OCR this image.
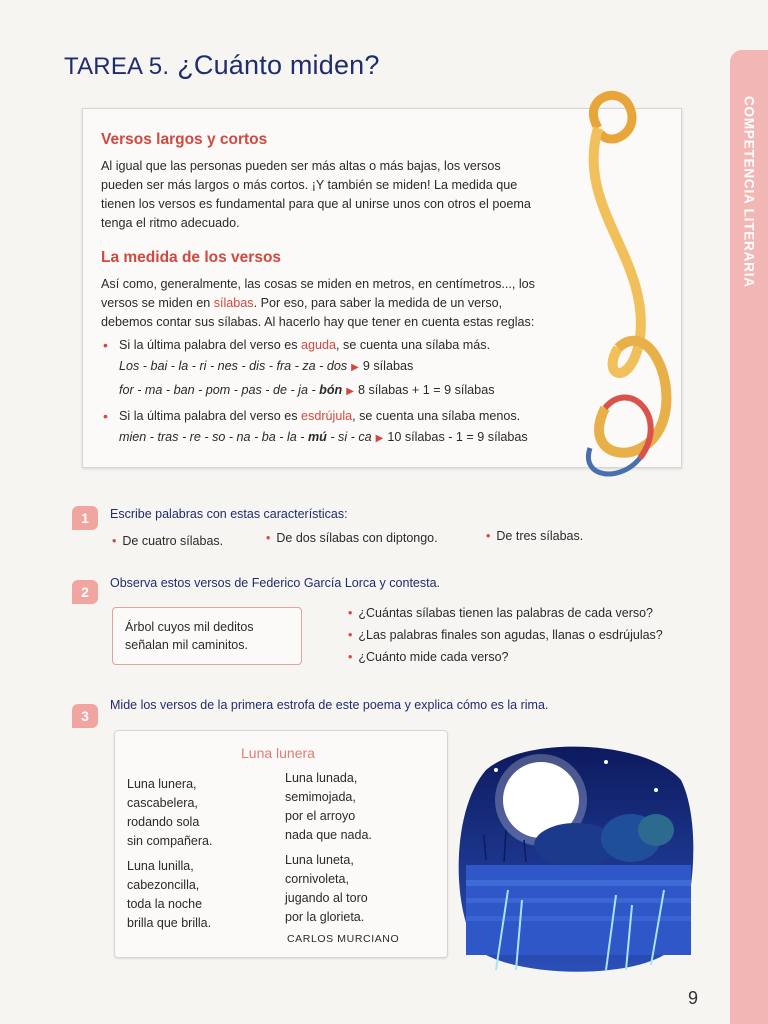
TAREA 5. ¿Cuánto miden?
COMPETENCIA LITERARIA
Versos largos y cortos

Al igual que las personas pueden ser más altas o más bajas, los versos pueden ser más largos o más cortos. ¡Y también se miden! La medida que tienen los versos es fundamental para que al unirse unos con otros el poema tenga el ritmo adecuado.

La medida de los versos

Así como, generalmente, las cosas se miden en metros, en centímetros..., los versos se miden en sílabas. Por eso, para saber la medida de un verso, debemos contar sus sílabas. Al hacerlo hay que tener en cuenta estas reglas:

• Si la última palabra del verso es aguda, se cuenta una sílaba más.
Los - bai - la - ri - nes - dis - fra - za - dos ▶ 9 sílabas
for - ma - ban - pom - pas - de - ja - bón ▶ 8 sílabas + 1 = 9 sílabas
• Si la última palabra del verso es esdrújula, se cuenta una sílaba menos.
mien - tras - re - so - na - ba - la - mú - si - ca ▶ 10 sílabas - 1 = 9 sílabas
1	Escribe palabras con estas características:
• De cuatro sílabas.	• De dos sílabas con diptongo.	• De tres sílabas.
2
Observa estos versos de Federico García Lorca y contesta.
Árbol cuyos mil deditos
señalan mil caminitos.
• ¿Cuántas sílabas tienen las palabras de cada verso?
• ¿Las palabras finales son agudas, llanas o esdrújulas?
• ¿Cuánto mide cada verso?
3
Mide los versos de la primera estrofa de este poema y explica cómo es la rima.
Luna lunera
Luna lunera,
cascabelera,
rodando sola
sin compañera.
Luna lunilla,
cabezoncilla,
toda la noche
brilla que brilla.
Luna lunada,
semimojada,
por el arroyo
nada que nada.
Luna luneta,
cornivoleta,
jugando al toro
por la glorieta.
CARLOS MURCIANO
9
